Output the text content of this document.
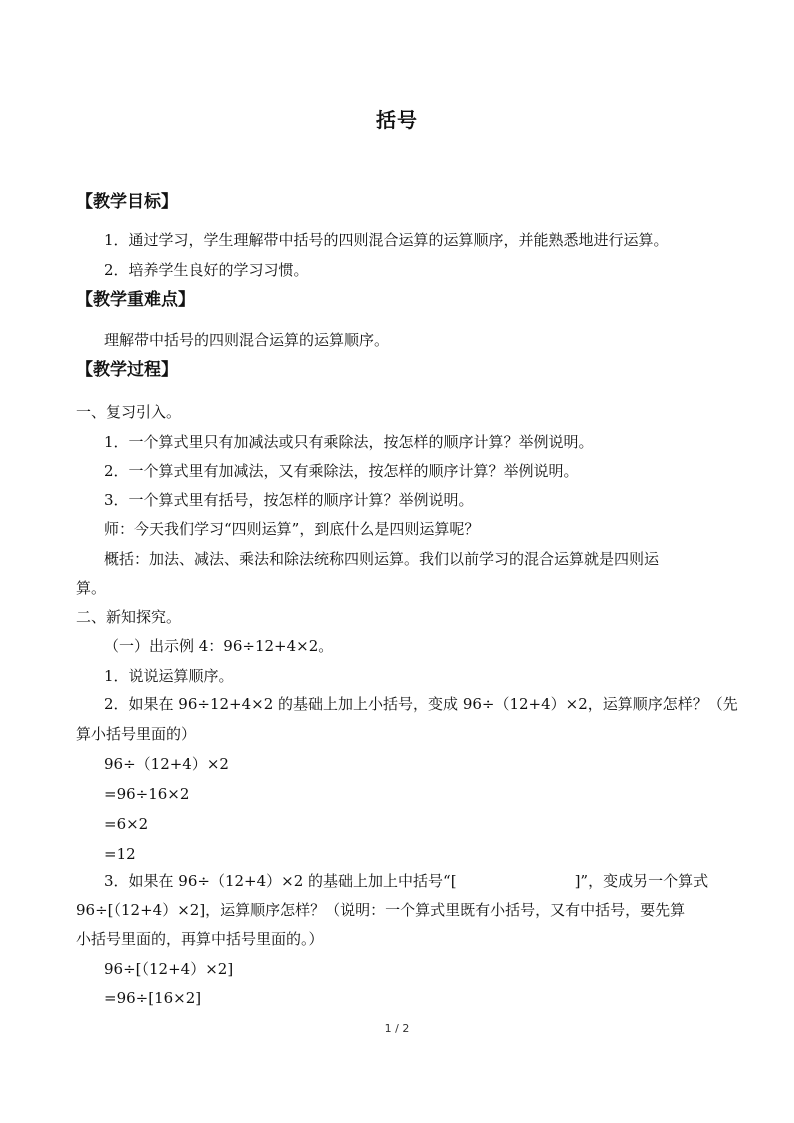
括号
【教学目标】
1．通过学习，学生理解带中括号的四则混合运算的运算顺序，并能熟悉地进行运算。
2．培养学生良好的学习习惯。
【教学重难点】
理解带中括号的四则混合运算的运算顺序。
【教学过程】
一、复习引入。
1．一个算式里只有加减法或只有乘除法，按怎样的顺序计算？举例说明。
2．一个算式里有加减法，又有乘除法，按怎样的顺序计算？举例说明。
3．一个算式里有括号，按怎样的顺序计算？举例说明。
师：今天我们学习“四则运算”，到底什么是四则运算呢？
概括：加法、减法、乘法和除法统称四则运算。我们以前学习的混合运算就是四则运
算。
二、新知探究。
（一）出示例 4：96÷12+4×2。
1．说说运算顺序。
2．如果在 96÷12+4×2 的基础上加上小括号，变成 96÷（12+4）×2，运算顺序怎样？（先
算小括号里面的）
96÷（12+4）×2
=96÷16×2
=6×2
=12
3．如果在 96÷（12+4）×2 的基础上加上中括号“[	]”，变成另一个算式
96÷[（12+4）×2]，运算顺序怎样？（说明：一个算式里既有小括号，又有中括号，要先算
小括号里面的，再算中括号里面的。）
96÷[（12+4）×2]
=96÷[16×2]
1 / 2
